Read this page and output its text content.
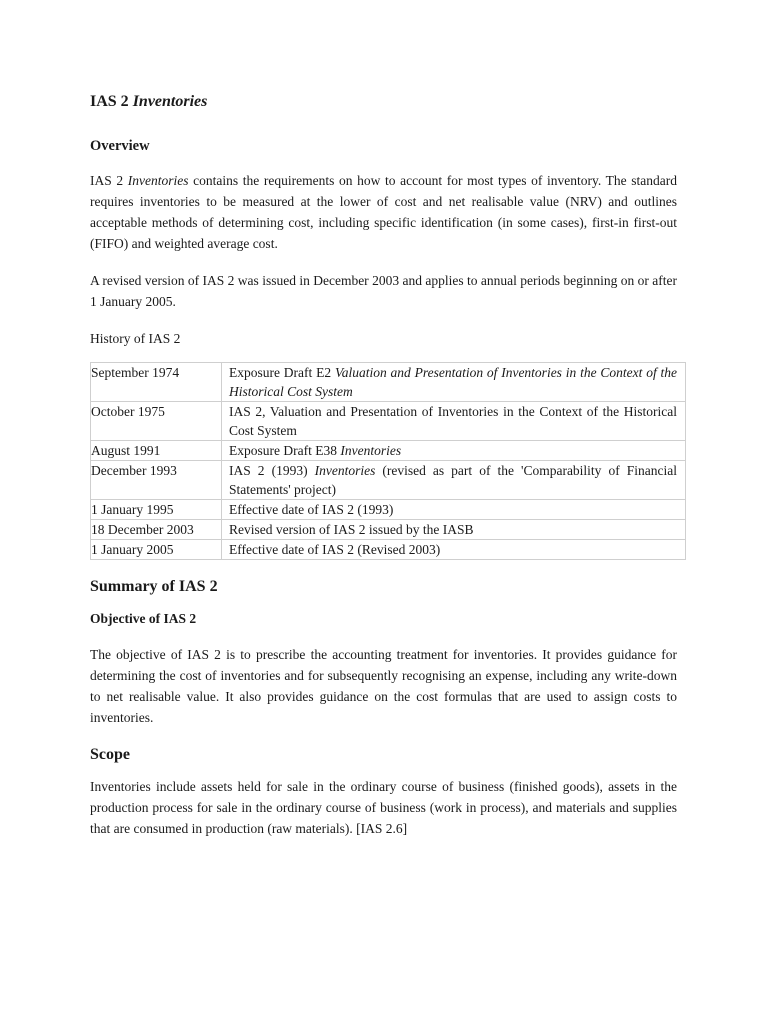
IAS 2 Inventories
Overview

IAS 2 Inventories contains the requirements on how to account for most types of inventory. The standard requires inventories to be measured at the lower of cost and net realisable value (NRV) and outlines acceptable methods of determining cost, including specific identification (in some cases), first-in first-out (FIFO) and weighted average cost.

A revised version of IAS 2 was issued in December 2003 and applies to annual periods beginning on or after 1 January 2005.

History of IAS 2

September 1974	Exposure Draft E2 Valuation and Presentation of Inventories in the Context of the Historical Cost System

October 1975	IAS 2, Valuation and Presentation of Inventories in the Context of the Historical Cost System

August 1991	Exposure Draft E38 Inventories

December 1993	IAS 2 (1993) Inventories (revised as part of the 'Comparability of Financial Statements' project)

1 January 1995	Effective date of IAS 2 (1993)

18 December 2003	Revised version of IAS 2 issued by the IASB

1 January 2005	Effective date of IAS 2 (Revised 2003)
Summary of IAS 2
Objective of IAS 2

The objective of IAS 2 is to prescribe the accounting treatment for inventories. It provides guidance for determining the cost of inventories and for subsequently recognising an expense, including any write-down to net realisable value. It also provides guidance on the cost formulas that are used to assign costs to inventories.

Scope

Inventories include assets held for sale in the ordinary course of business (finished goods), assets in the production process for sale in the ordinary course of business (work in process), and materials and supplies that are consumed in production (raw materials). [IAS 2.6]
